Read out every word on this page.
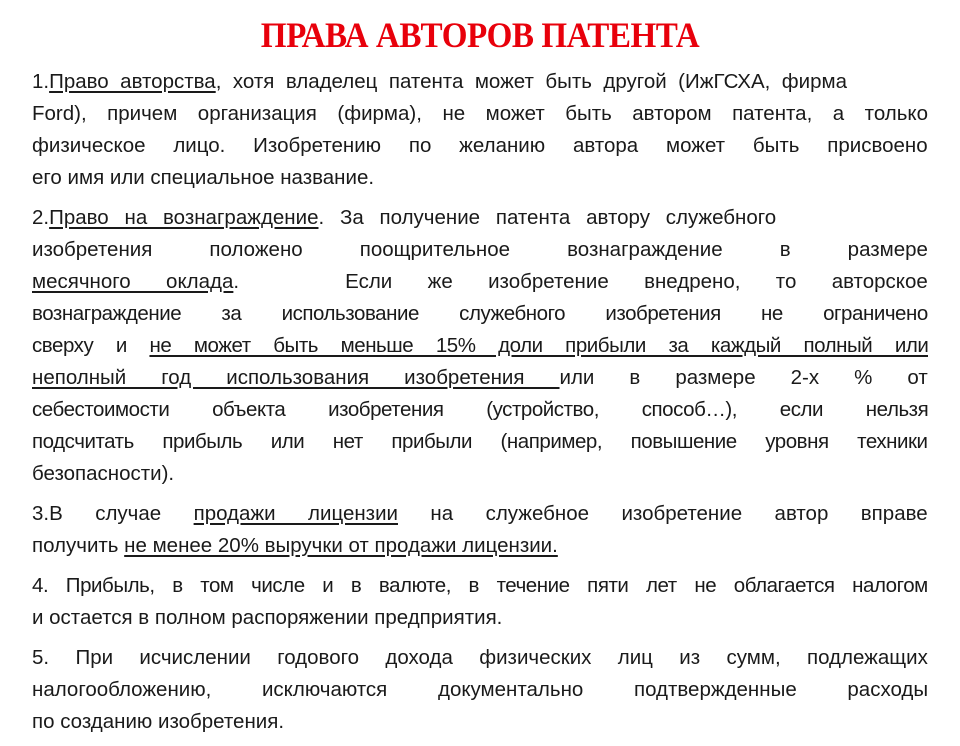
ПРАВА АВТОРОВ ПАТЕНТА
1.Право авторства, хотя владелец патента может быть другой (ИжГСХА, фирма
Ford), причем организация (фирма), не может быть автором патента, а только
физическое лицо. Изобретению по желанию автора может быть присвоено
его имя или специальное название.
2.Право на вознаграждение. За получение патента автору служебного
изобретения положено поощрительное вознаграждение в размере
месячного оклада.   Если же изобретение внедрено, то авторское
вознаграждение за использование служебного изобретения не ограничено
сверху и не может быть меньше 15% доли прибыли за каждый полный или
неполный год использования изобретения или в размере 2-х % от
себестоимости объекта изобретения (устройство, способ…), если нельзя
подсчитать прибыль или нет прибыли (например, повышение уровня техники
безопасности).
3.В случае продажи лицензии на служебное изобретение автор вправе
получить не менее 20% выручки от продажи лицензии.
4. Прибыль, в том числе и в валюте, в течение пяти лет не облагается налогом
и остается в полном распоряжении предприятия.
5. При исчислении годового дохода физических лиц из сумм, подлежащих
налогообложению, исключаются документально подтвержденные расходы
по созданию изобретения.
